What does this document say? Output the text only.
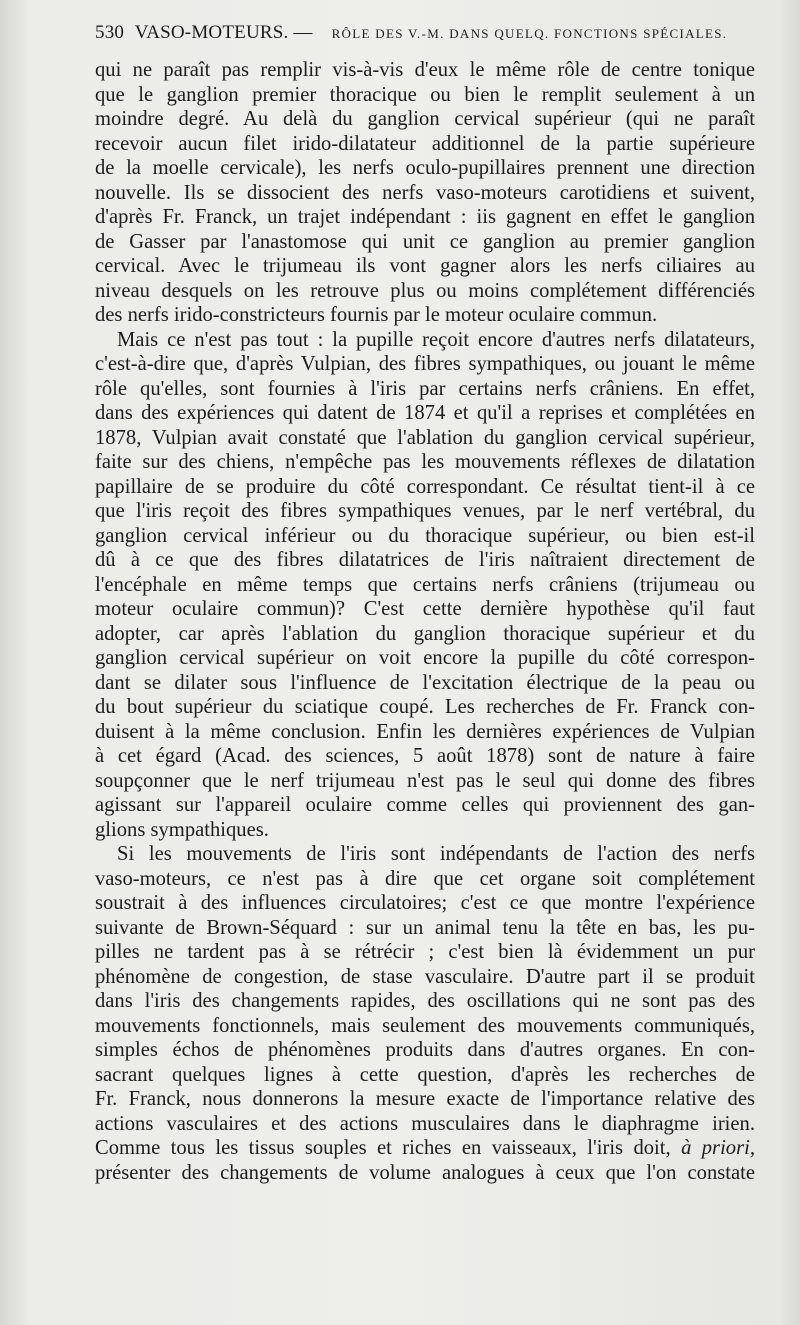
530 VASO-MOTEURS. — RÔLE DES V.-M. DANS QUELQ. FONCTIONS SPÉCIALES.
qui ne paraît pas remplir vis-à-vis d'eux le même rôle de centre tonique
que le ganglion premier thoracique ou bien le remplit seulement à un
moindre degré. Au delà du ganglion cervical supérieur (qui ne paraît
recevoir aucun filet irido-dilatateur additionnel de la partie supérieure
de la moelle cervicale), les nerfs oculo-pupillaires prennent une direction
nouvelle. Ils se dissocient des nerfs vaso-moteurs carotidiens et suivent,
d'après Fr. Franck, un trajet indépendant : iis gagnent en effet le ganglion
de Gasser par l'anastomose qui unit ce ganglion au premier ganglion
cervical. Avec le trijumeau ils vont gagner alors les nerfs ciliaires au
niveau desquels on les retrouve plus ou moins complétement différenciés
des nerfs irido-constricteurs fournis par le moteur oculaire commun.
Mais ce n'est pas tout : la pupille reçoit encore d'autres nerfs dilatateurs,
c'est-à-dire que, d'après Vulpian, des fibres sympathiques, ou jouant le même
rôle qu'elles, sont fournies à l'iris par certains nerfs crâniens. En effet,
dans des expériences qui datent de 1874 et qu'il a reprises et complétées en
1878, Vulpian avait constaté que l'ablation du ganglion cervical supérieur,
faite sur des chiens, n'empêche pas les mouvements réflexes de dilatation
papillaire de se produire du côté correspondant. Ce résultat tient-il à ce
que l'iris reçoit des fibres sympathiques venues, par le nerf vertébral, du
ganglion cervical inférieur ou du thoracique supérieur, ou bien est-il
dû à ce que des fibres dilatatrices de l'iris naîtraient directement de
l'encéphale en même temps que certains nerfs crâniens (trijumeau ou
moteur oculaire commun)? C'est cette dernière hypothèse qu'il faut
adopter, car après l'ablation du ganglion thoracique supérieur et du
ganglion cervical supérieur on voit encore la pupille du côté correspon-
dant se dilater sous l'influence de l'excitation électrique de la peau ou
du bout supérieur du sciatique coupé. Les recherches de Fr. Franck con-
duisent à la même conclusion. Enfin les dernières expériences de Vulpian
à cet égard (Acad. des sciences, 5 août 1878) sont de nature à faire
soupçonner que le nerf trijumeau n'est pas le seul qui donne des fibres
agissant sur l'appareil oculaire comme celles qui proviennent des gan-
glions sympathiques.
Si les mouvements de l'iris sont indépendants de l'action des nerfs
vaso-moteurs, ce n'est pas à dire que cet organe soit complétement
soustrait à des influences circulatoires; c'est ce que montre l'expérience
suivante de Brown-Séquard : sur un animal tenu la tête en bas, les pu-
pilles ne tardent pas à se rétrécir ; c'est bien là évidemment un pur
phénomène de congestion, de stase vasculaire. D'autre part il se produit
dans l'iris des changements rapides, des oscillations qui ne sont pas des
mouvements fonctionnels, mais seulement des mouvements communiqués,
simples échos de phénomènes produits dans d'autres organes. En con-
sacrant quelques lignes à cette question, d'après les recherches de
Fr. Franck, nous donnerons la mesure exacte de l'importance relative des
actions vasculaires et des actions musculaires dans le diaphragme irien.
Comme tous les tissus souples et riches en vaisseaux, l'iris doit, à priori,
présenter des changements de volume analogues à ceux que l'on constate
